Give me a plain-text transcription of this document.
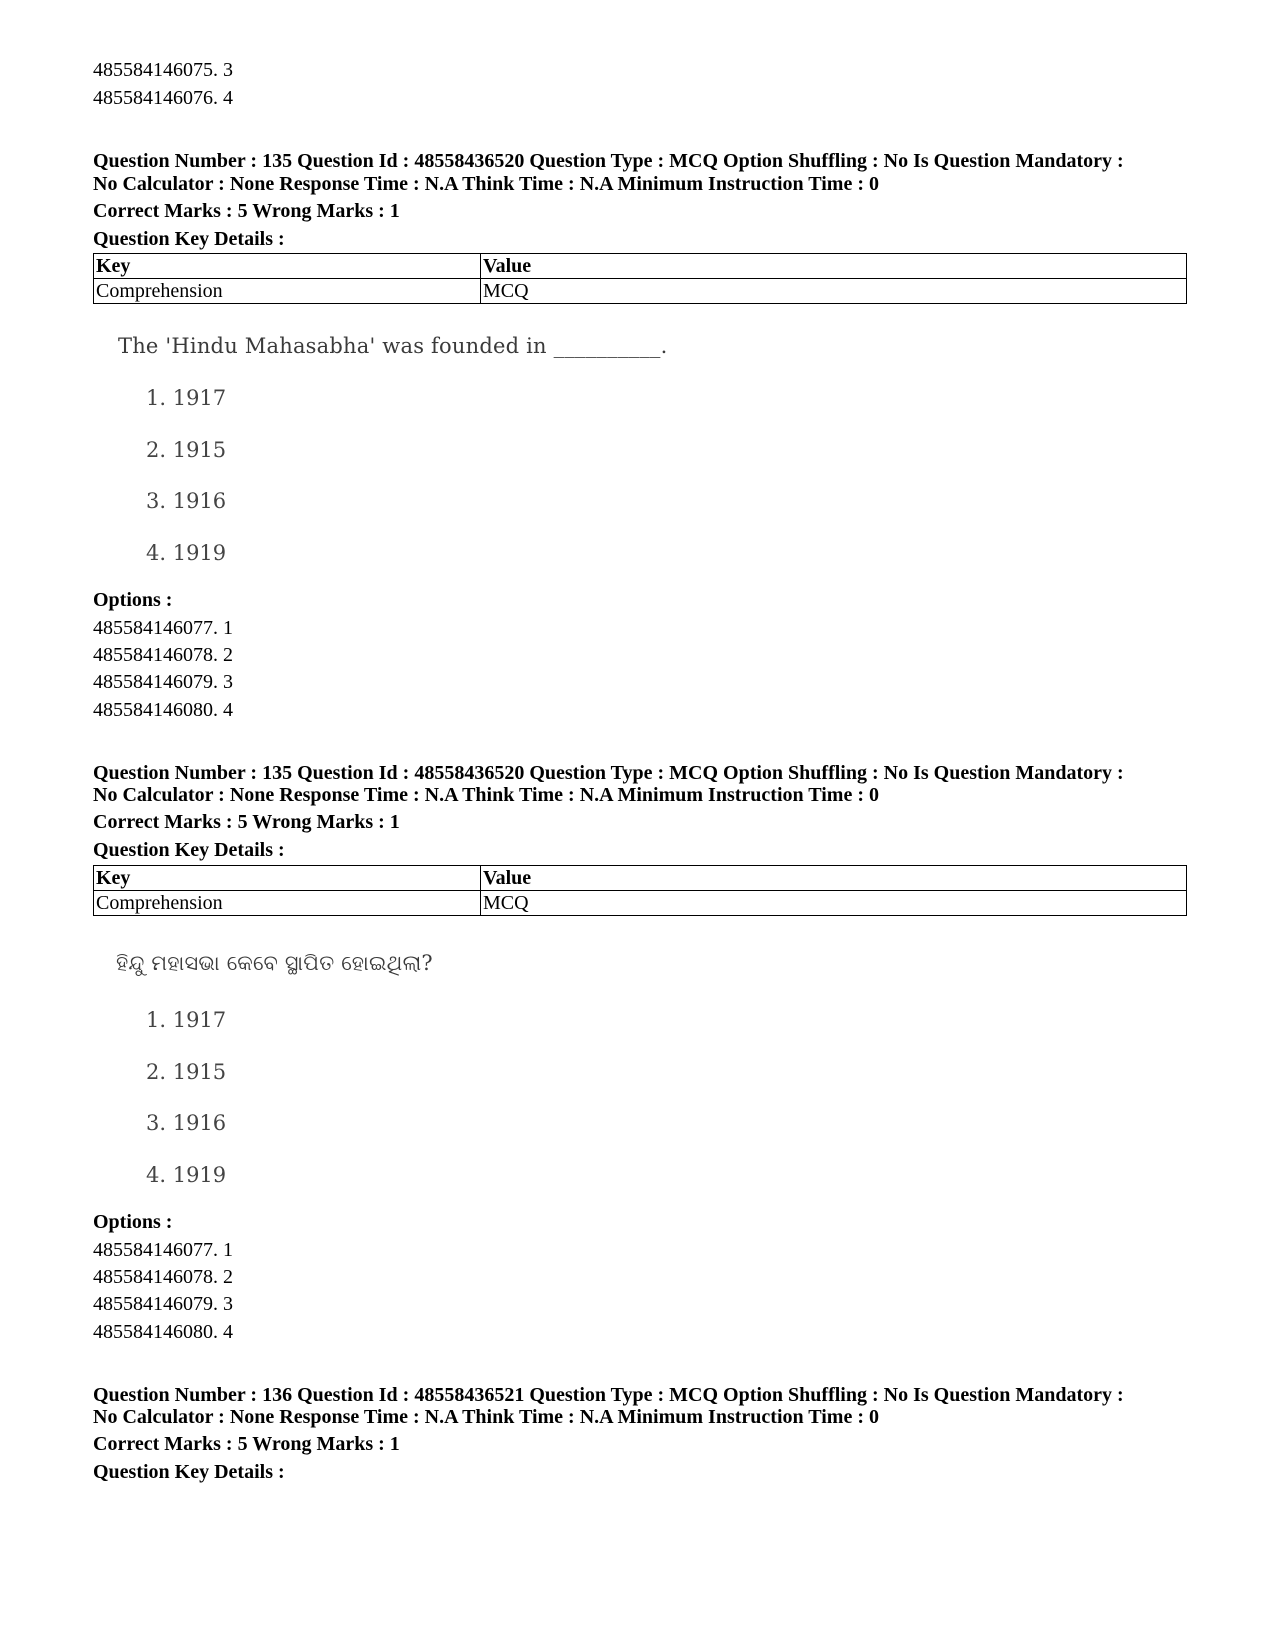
485584146075. 3
485584146076. 4
Question Number : 135 Question Id : 48558436520 Question Type : MCQ Option Shuffling : No Is Question Mandatory :
No Calculator : None Response Time : N.A Think Time : N.A Minimum Instruction Time : 0
Correct Marks : 5 Wrong Marks : 1
Question Key Details :
Key	Value
Comprehension	MCQ
The 'Hindu Mahasabha' was founded in __________.
1. 1917
2. 1915
3. 1916
4. 1919
Options :
485584146077. 1
485584146078. 2
485584146079. 3
485584146080. 4
Question Number : 135 Question Id : 48558436520 Question Type : MCQ Option Shuffling : No Is Question Mandatory :
No Calculator : None Response Time : N.A Think Time : N.A Minimum Instruction Time : 0
Correct Marks : 5 Wrong Marks : 1
Question Key Details :
Key	Value
Comprehension	MCQ
ହିନ୍ଦୁ ମହାସଭା କେବେ ସ୍ଥାପିତ ହୋଇଥିଲା?
1. 1917
2. 1915
3. 1916
4. 1919
Options :
485584146077. 1
485584146078. 2
485584146079. 3
485584146080. 4
Question Number : 136 Question Id : 48558436521 Question Type : MCQ Option Shuffling : No Is Question Mandatory :
No Calculator : None Response Time : N.A Think Time : N.A Minimum Instruction Time : 0
Correct Marks : 5 Wrong Marks : 1
Question Key Details :
